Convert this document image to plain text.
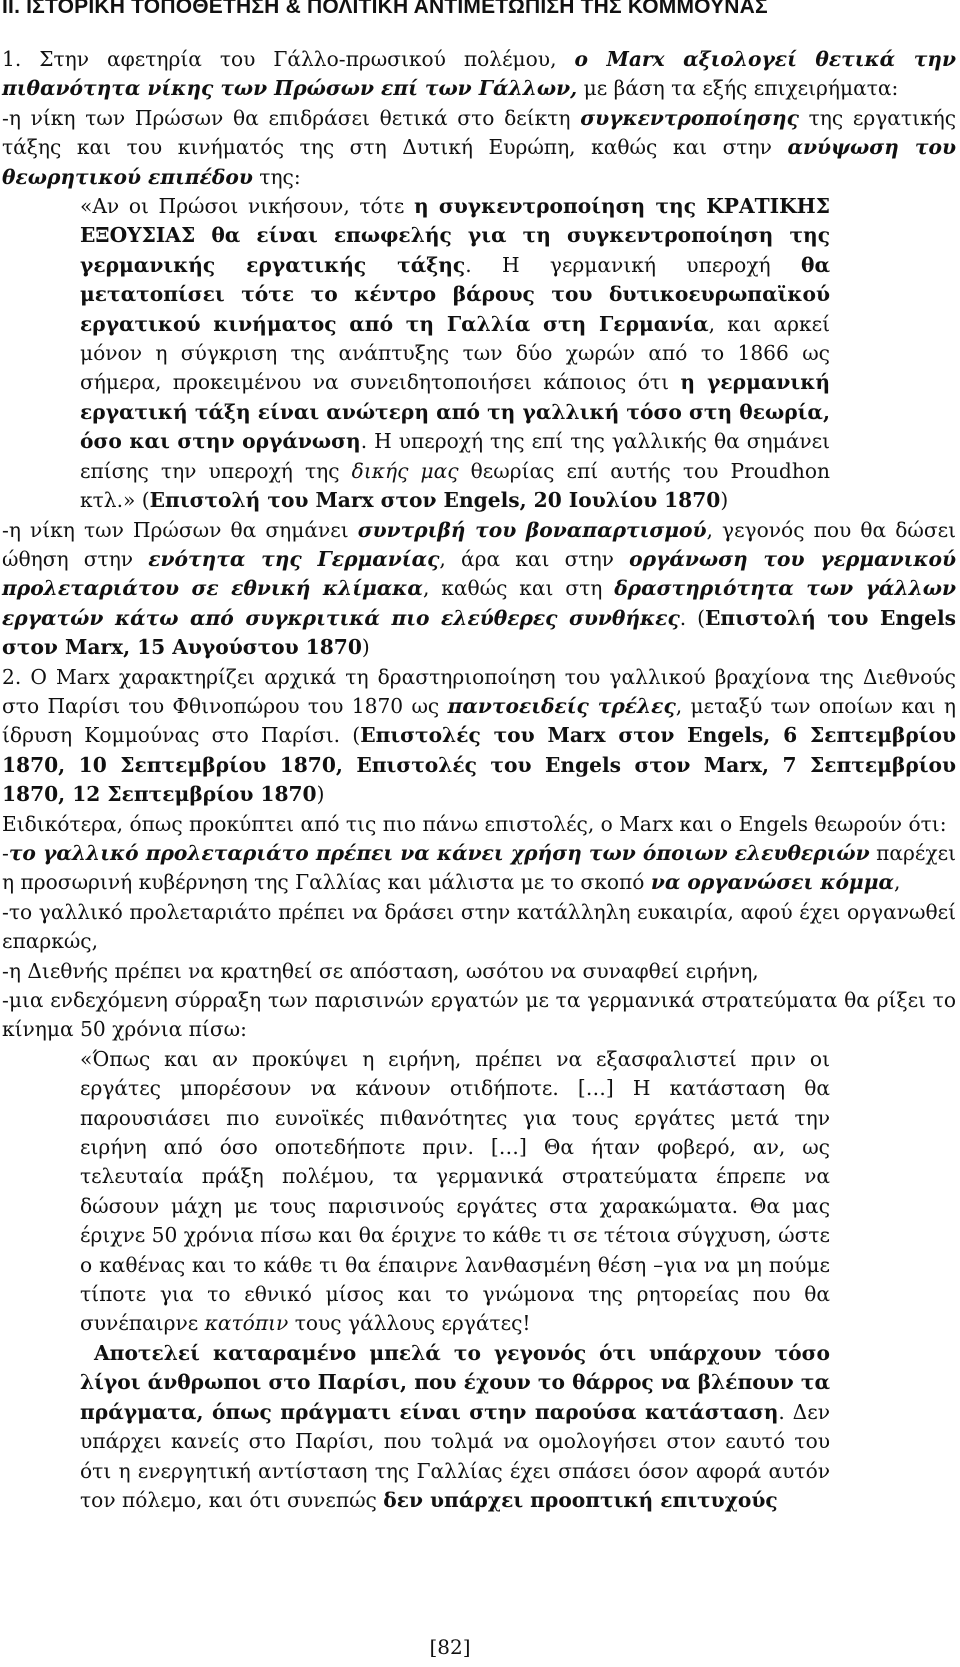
ΙΙ. ΙΣΤΟΡΙΚΗ ΤΟΠΟΘΕΤΗΣΗ & ΠΟΛΙΤΙΚΗ ΑΝΤΙΜΕΤΩΠΙΣΗ ΤΗΣ ΚΟΜΜΟΥΝΑΣ

1. Στην αφετηρία του Γάλλο-πρωσικού πολέμου, ο Marx αξιολογεί θετικά την πιθανότητα νίκης των Πρώσων επί των Γάλλων, με βάση τα εξής επιχειρήματα:

-η νίκη των Πρώσων θα επιδράσει θετικά στο δείκτη συγκεντροποίησης της εργατικής τάξης και του κινήματός της στη Δυτική Ευρώπη, καθώς και στην ανύψωση του θεωρητικού επιπέδου της:

«Αν οι Πρώσοι νικήσουν, τότε η συγκεντροποίηση της ΚΡΑΤΙΚΗΣ ΕΞΟΥΣΙΑΣ θα είναι επωφελής για τη συγκεντροποίηση της γερμανικής εργατικής τάξης. Η γερμανική υπεροχή θα μετατοπίσει τότε το κέντρο βάρους του δυτικοευρωπαϊκού εργατικού κινήματος από τη Γαλλία στη Γερμανία, και αρκεί μόνον η σύγκριση της ανάπτυξης των δύο χωρών από το 1866 ως σήμερα, προκειμένου να συνειδητοποιήσει κάποιος ότι η γερμανική εργατική τάξη είναι ανώτερη από τη γαλλική τόσο στη θεωρία, όσο και στην οργάνωση. Η υπεροχή της επί της γαλλικής θα σημάνει επίσης την υπεροχή της δικής μας θεωρίας επί αυτής του Proudhon κτλ.» (Επιστολή του Marx στον Engels, 20 Ιουλίου 1870)

-η νίκη των Πρώσων θα σημάνει συντριβή του βοναπαρτισμού, γεγονός που θα δώσει ώθηση στην ενότητα της Γερμανίας, άρα και στην οργάνωση του γερμανικού προλεταριάτου σε εθνική κλίμακα, καθώς και στη δραστηριότητα των γάλλων εργατών κάτω από συγκριτικά πιο ελεύθερες συνθήκες. (Επιστολή του Engels στον Marx, 15 Αυγούστου 1870)

2. Ο Marx χαρακτηρίζει αρχικά τη δραστηριοποίηση του γαλλικού βραχίονα της Διεθνούς στο Παρίσι του Φθινοπώρου του 1870 ως παντοειδείς τρέλες, μεταξύ των οποίων και η ίδρυση Κομμούνας στο Παρίσι. (Επιστολές του Marx στον Engels, 6 Σεπτεμβρίου 1870, 10 Σεπτεμβρίου 1870, Επιστολές του Engels στον Marx, 7 Σεπτεμβρίου 1870, 12 Σεπτεμβρίου 1870)

Ειδικότερα, όπως προκύπτει από τις πιο πάνω επιστολές, ο Marx και ο Engels θεωρούν ότι:

-το γαλλικό προλεταριάτο πρέπει να κάνει χρήση των όποιων ελευθεριών παρέχει η προσωρινή κυβέρνηση της Γαλλίας και μάλιστα με το σκοπό να οργανώσει κόμμα,

-το γαλλικό προλεταριάτο πρέπει να δράσει στην κατάλληλη ευκαιρία, αφού έχει οργανωθεί επαρκώς,

-η Διεθνής πρέπει να κρατηθεί σε απόσταση, ωσότου να συναφθεί ειρήνη,

-μια ενδεχόμενη σύρραξη των παρισινών εργατών με τα γερμανικά στρατεύματα θα ρίξει το κίνημα 50 χρόνια πίσω:

«Όπως και αν προκύψει η ειρήνη, πρέπει να εξασφαλιστεί πριν οι εργάτες μπορέσουν να κάνουν οτιδήποτε. […] Η κατάσταση θα παρουσιάσει πιο ευνοϊκές πιθανότητες για τους εργάτες μετά την ειρήνη από όσο οποτεδήποτε πριν. […] Θα ήταν φοβερό, αν, ως τελευταία πράξη πολέμου, τα γερμανικά στρατεύματα έπρεπε να δώσουν μάχη με τους παρισινούς εργάτες στα χαρακώματα. Θα μας έριχνε 50 χρόνια πίσω και θα έριχνε το κάθε τι σε τέτοια σύγχυση, ώστε ο καθένας και το κάθε τι θα έπαιρνε λανθασμένη θέση –για να μη πούμε τίποτε για το εθνικό μίσος και το γνώμονα της ρητορείας που θα συνέπαιρνε κατόπιν τους γάλλους εργάτες!

Αποτελεί καταραμένο μπελά το γεγονός ότι υπάρχουν τόσο λίγοι άνθρωποι στο Παρίσι, που έχουν το θάρρος να βλέπουν τα πράγματα, όπως πράγματι είναι στην παρούσα κατάσταση. Δεν υπάρχει κανείς στο Παρίσι, που τολμά να ομολογήσει στον εαυτό του ότι η ενεργητική αντίσταση της Γαλλίας έχει σπάσει όσον αφορά αυτόν τον πόλεμο, και ότι συνεπώς δεν υπάρχει προοπτική επιτυχούς

[82]
